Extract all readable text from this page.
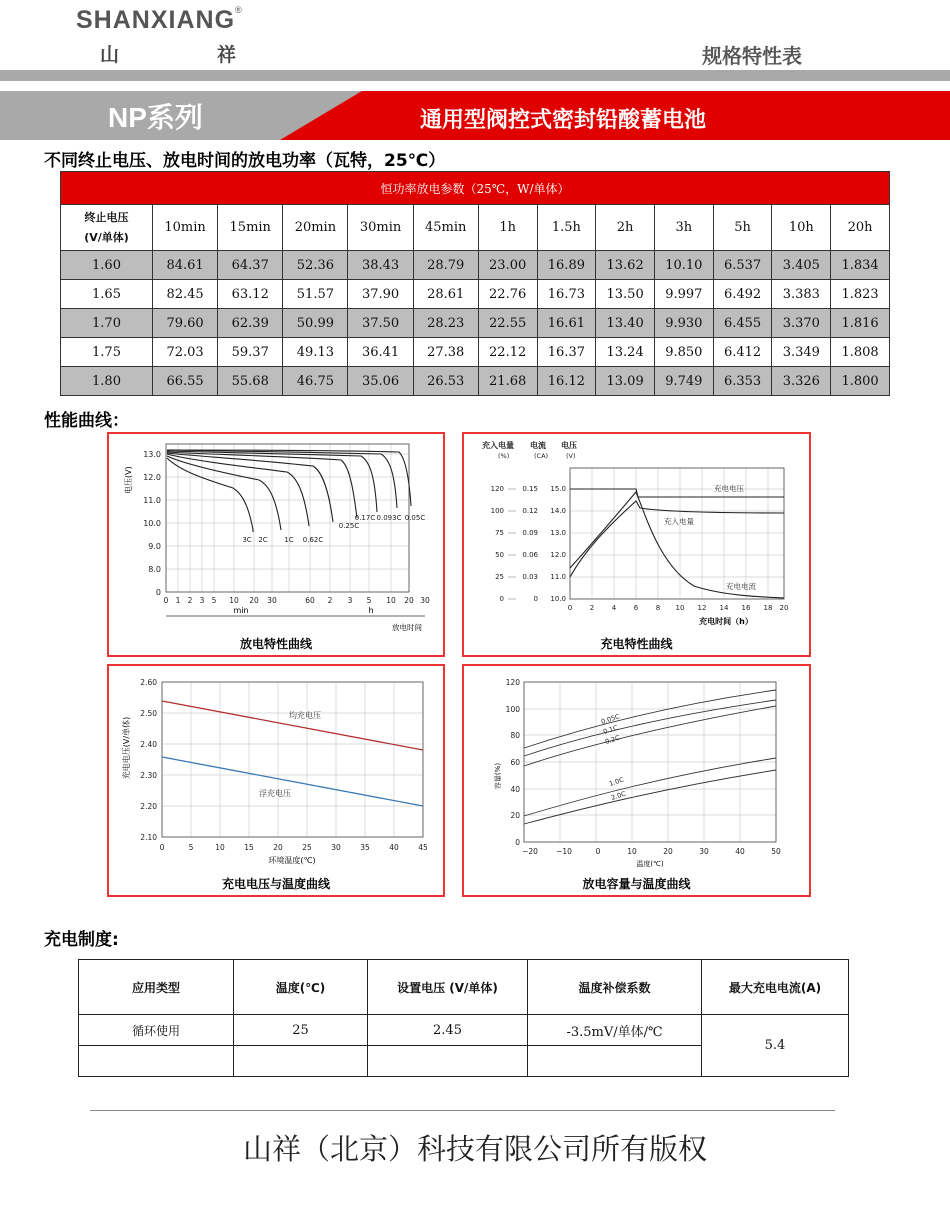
SHANXIANG®
山	祥	规格特性表
NP系列	通用型阀控式密封铅酸蓄电池
不同终止电压、放电时间的放电功率（瓦特，25℃）
恒功率放电参数（25℃，W/单体）												

终止电压
(V/单体)	10min	15min	20min	30min	45min	1h	1.5h	2h	3h	5h	10h	20h
1.60	84.61	64.37	52.36	38.43	28.79	23.00	16.89	13.62	10.10	6.537	3.405	1.834
1.65	82.45	63.12	51.57	37.90	28.61	22.76	16.73	13.50	9.997	6.492	3.383	1.823
1.70	79.60	62.39	50.99	37.50	28.23	22.55	16.61	13.40	9.930	6.455	3.370	1.816
1.75	72.03	59.37	49.13	36.41	27.38	22.12	16.37	13.24	9.850	6.412	3.349	1.808
1.80	66.55	55.68	46.75	35.06	26.53	21.68	16.12	13.09	9.749	6.353	3.326	1.800
性能曲线：
电压(V)
13.0
12.0
11.0
10.0
9.0
8.0
0
0 1 2 3 5 10 20 30	60 2 3 5 10 20 30
min	h
放电时间
3C 2C 1C 0.62C
0.25C
0.17C 0.093C 0.05C
放电特性曲线
充入电量 电流 电压
(%)	(CA)	(V)
120
100
75
50
25
0
0.15
0.12
0.09
0.06
0.03
0
15.0
14.0
13.0
12.0
11.0
10.0
0	2	4	6	8 10 12 14 16 18 20
充电时间（h）
充电电压
充入电量
充电电流
充电特性曲线
充电电压(V/单体)
2.60
2.50
2.40
2.30
2.20
2.10
0	5	10	15	20	25	30	35	40	45
环境温度(℃)
均充电压
浮充电压
充电电压与温度曲线
容量(%)
120
100
80
60
40
20
0
−20 −10	0	10	20	30	40	50
温度(℃)
0.05C
0.1C
0.2C
1.0C
2.0C
放电容量与温度曲线
充电制度:
应用类型	温度(℃)	设置电压 (V/单体)	温度补偿系数	最大充电电流(A)
循环使用	25	2.45	-3.5mV/单体/℃	5.4

山祥（北京）科技有限公司所有版权
